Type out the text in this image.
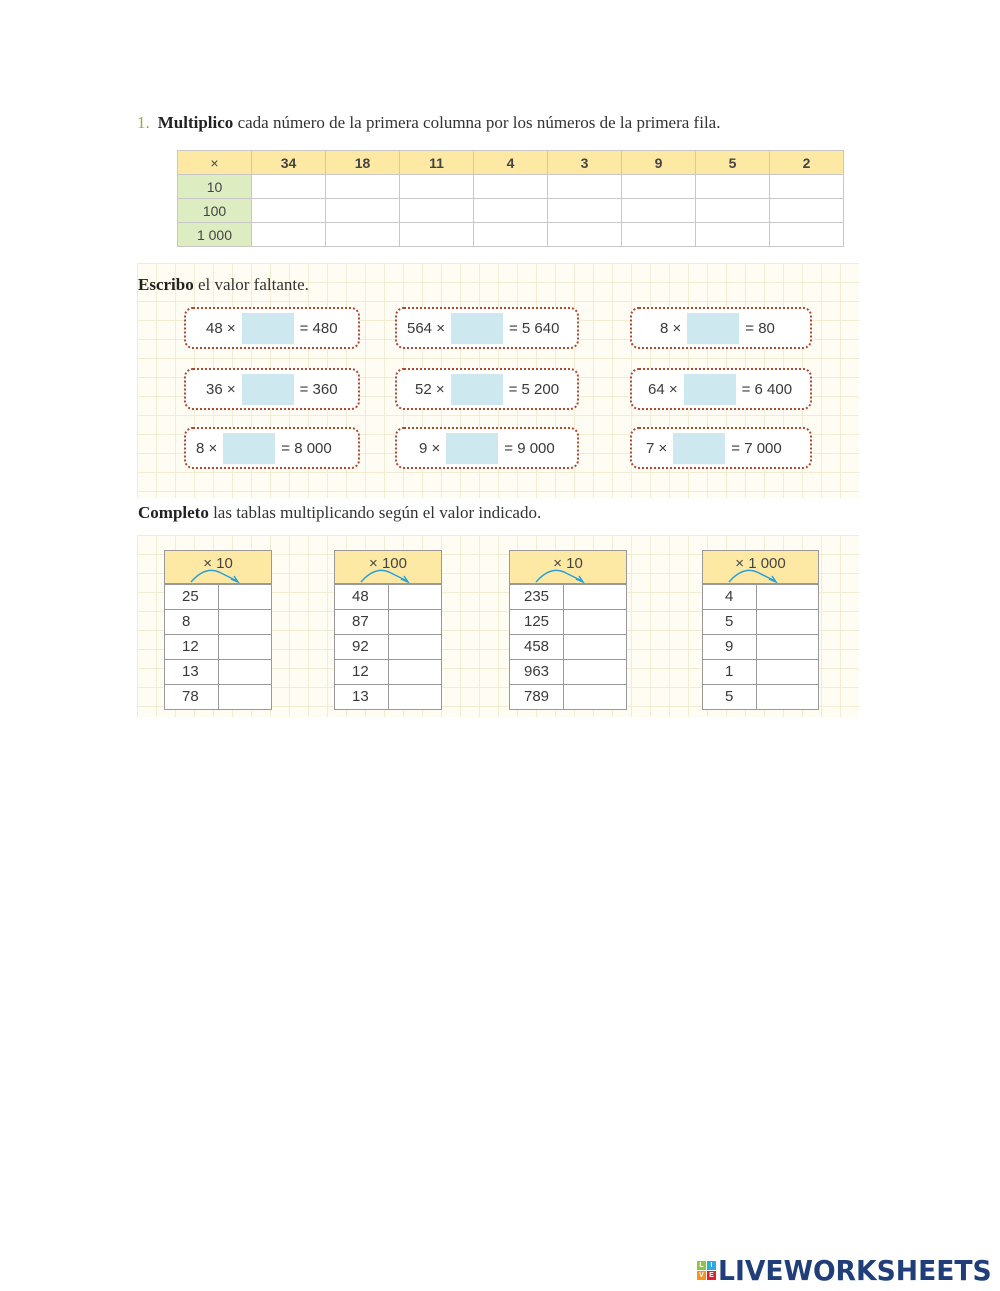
1. Multiplico cada número de la primera columna por los números de la primera fila.
×	34	18	11	4	3	9	5	2
10								
100								
1 000								
Escribo el valor faltante.
48 ×	= 480	564 ×	= 5 640	8 ×	= 80
36 ×	= 360	52 ×	= 5 200	64 ×	= 6 400
8 ×	= 8 000	9 ×	= 9 000	7 ×	= 7 000
Completo las tablas multiplicando según el valor indicado.
× 10
25
8
12
13
78
× 100
48
87
92
12
13
× 10
235
125
458
963
789
× 1 000
4
5
9
1
5
L I
V E LIVEWORKSHEETS
